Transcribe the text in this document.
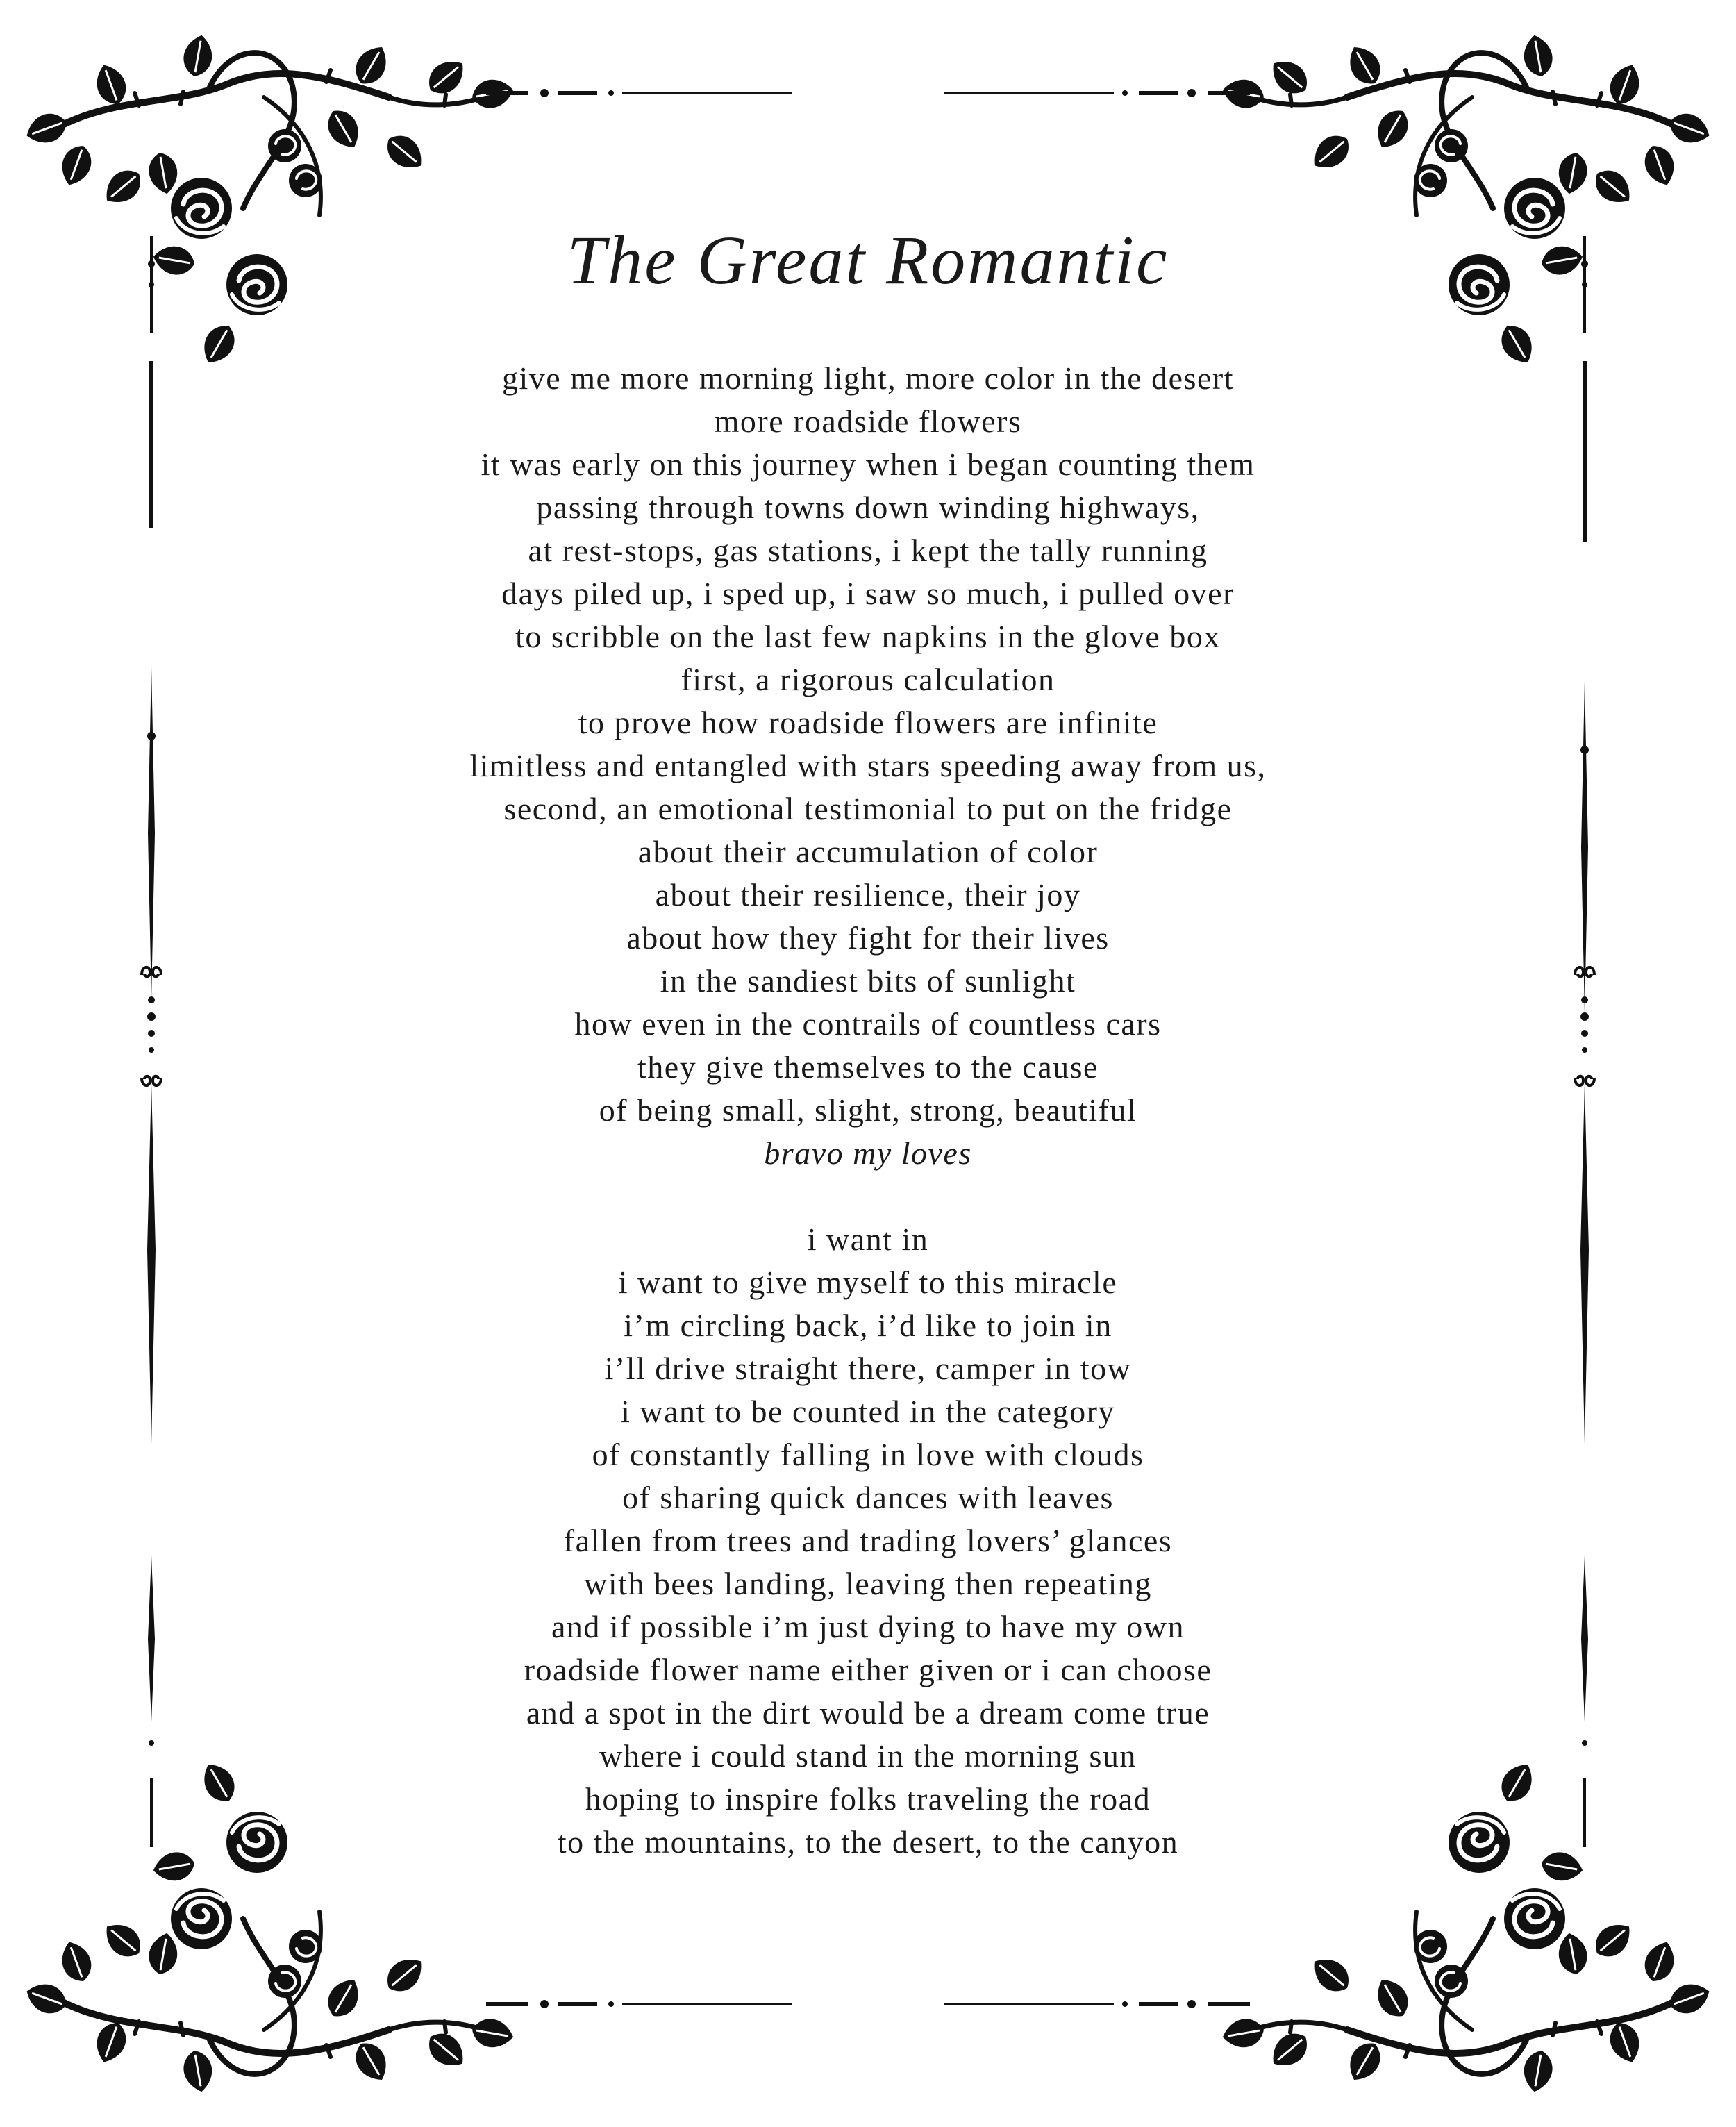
The Great Romantic
give me more morning light, more color in the desert
more roadside flowers
it was early on this journey when i began counting them
passing through towns down winding highways,
at rest-stops, gas stations, i kept the tally running
days piled up, i sped up, i saw so much, i pulled over
to scribble on the last few napkins in the glove box
first, a rigorous calculation
to prove how roadside flowers are infinite
limitless and entangled with stars speeding away from us,
second, an emotional testimonial to put on the fridge
about their accumulation of color
about their resilience, their joy
about how they fight for their lives
in the sandiest bits of sunlight
how even in the contrails of countless cars
they give themselves to the cause
of being small, slight, strong, beautiful
bravo my loves
i want in
i want to give myself to this miracle
i’m circling back, i’d like to join in
i’ll drive straight there, camper in tow
i want to be counted in the category
of constantly falling in love with clouds
of sharing quick dances with leaves
fallen from trees and trading lovers’ glances
with bees landing, leaving then repeating
and if possible i’m just dying to have my own
roadside flower name either given or i can choose
and a spot in the dirt would be a dream come true
where i could stand in the morning sun
hoping to inspire folks traveling the road
to the mountains, to the desert, to the canyon
